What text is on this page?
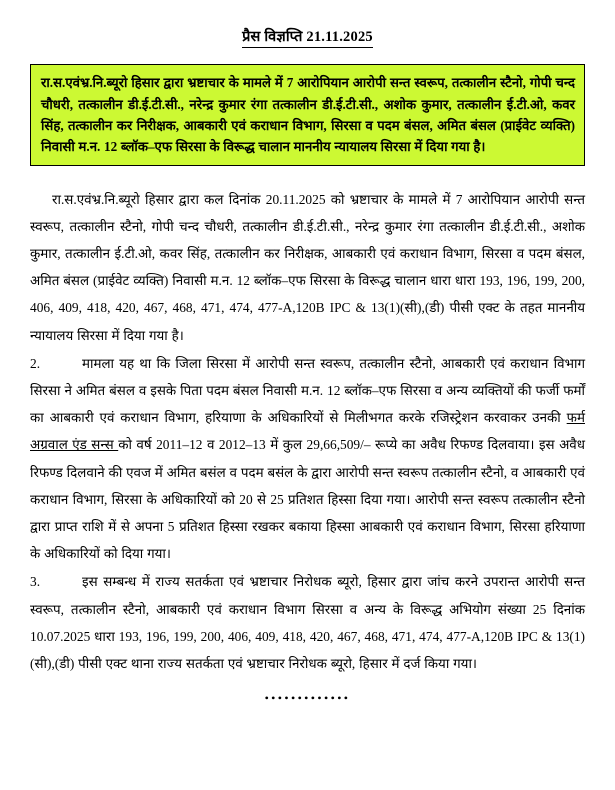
प्रैस विज्ञप्ति 21.11.2025

रा.स.एवंभ्र.नि.ब्यूरो हिसार द्वारा भ्रष्टाचार के मामले में 7 आरोपियान आरोपी सन्त स्वरूप, तत्कालीन स्टैनो, गोपी चन्द चौधरी, तत्कालीन डी.ई.टी.सी., नरेन्द्र कुमार रंगा तत्कालीन डी.ई.टी.सी., अशोक कुमार, तत्कालीन ई.टी.ओ, कवर सिंह, तत्कालीन कर निरीक्षक, आबकारी एवं कराधान विभाग, सिरसा व पदम बंसल, अमित बंसल (प्राईवेट व्यक्ति) निवासी म.न. 12 ब्लॉक–एफ सिरसा के विरूद्ध चालान माननीय न्यायालय सिरसा में दिया गया है।

रा.स.एवंभ्र.नि.ब्यूरो हिसार द्वारा कल दिनांक 20.11.2025 को भ्रष्टाचार के मामले में 7 आरोपियान आरोपी सन्त स्वरूप, तत्कालीन स्टैनो, गोपी चन्द चौधरी, तत्कालीन डी.ई.टी.सी., नरेन्द्र कुमार रंगा तत्कालीन डी.ई.टी.सी., अशोक कुमार, तत्कालीन ई.टी.ओ, कवर सिंह, तत्कालीन कर निरीक्षक, आबकारी एवं कराधान विभाग, सिरसा व पदम बंसल, अमित बंसल (प्राईवेट व्यक्ति) निवासी म.न. 12 ब्लॉक–एफ सिरसा के विरूद्ध चालान धारा धारा 193, 196, 199, 200, 406, 409, 418, 420, 467, 468, 471, 474, 477-A,120B IPC & 13(1)(सी),(डी) पीसी एक्ट के तहत माननीय न्यायालय सिरसा में दिया गया है।

2.	मामला यह था कि जिला सिरसा में आरोपी सन्त स्वरूप, तत्कालीन स्टैनो, आबकारी एवं कराधान विभाग सिरसा ने अमित बंसल व इसके पिता पदम बंसल निवासी म.न. 12 ब्लॉक–एफ सिरसा व अन्य व्यक्तियों की फर्जी फर्मों का आबकारी एवं कराधान विभाग, हरियाणा के अधिकारियों से मिलीभगत करके रजिस्ट्रेशन करवाकर उनकी फर्म अग्रवाल एंड सन्स को वर्ष 2011–12 व 2012–13 में कुल 29,66,509/– रूप्ये का अवैध रिफण्ड दिलवाया। इस अवैध रिफण्ड दिलवाने की एवज में अमित बसंल व पदम बसंल के द्वारा आरोपी सन्त स्वरूप तत्कालीन स्टैनो, व आबकारी एवं कराधान विभाग, सिरसा के अधिकारियों को 20 से 25 प्रतिशत हिस्सा दिया गया। आरोपी सन्त स्वरूप तत्कालीन स्टैनो द्वारा प्राप्त राशि में से अपना 5 प्रतिशत हिस्सा रखकर बकाया हिस्सा आबकारी एवं कराधान विभाग, सिरसा हरियाणा के अधिकारियों को दिया गया।

3.	इस सम्बन्ध में राज्य सतर्कता एवं भ्रष्टाचार निरोधक ब्यूरो, हिसार द्वारा जांच करने उपरान्त आरोपी सन्त स्वरूप, तत्कालीन स्टैनो, आबकारी एवं कराधान विभाग सिरसा व अन्य के विरूद्ध अभियोग संख्या 25 दिनांक 10.07.2025 धारा 193, 196, 199, 200, 406, 409, 418, 420, 467, 468, 471, 474, 477-A,120B IPC & 13(1)(सी),(डी) पीसी एक्ट थाना राज्य सतर्कता एवं भ्रष्टाचार निरोधक ब्यूरो, हिसार में दर्ज किया गया।

•••••••••••••
